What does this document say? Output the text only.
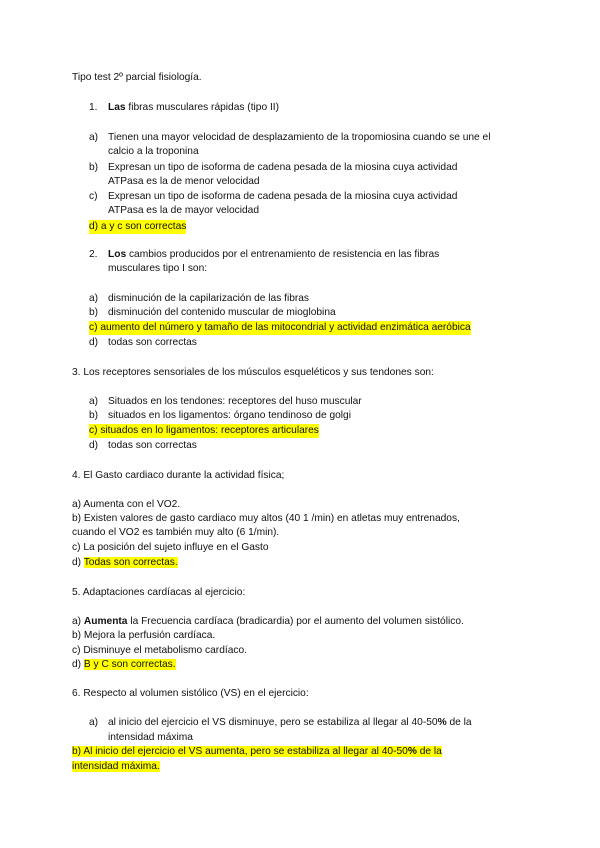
Tipo test 2º parcial fisiología.
1. Las fibras musculares rápidas (tipo II)
a) Tienen una mayor velocidad de desplazamiento de la tropomiosina cuando se une el
calcio a la troponina
b) Expresan un tipo de isoforma de cadena pesada de la miosina cuya actividad
ATPasa es la de menor velocidad
c) Expresan un tipo de isoforma de cadena pesada de la miosina cuya actividad
ATPasa es la de mayor velocidad
d) a y c son correctas
2. Los cambios producidos por el entrenamiento de resistencia en las fibras
musculares tipo I son:
a) disminución de la capilarización de las fibras
b) disminución del contenido muscular de mioglobina
c) aumento del número y tamaño de las mitocondrial y actividad enzimática aeróbica
d) todas son correctas
3. Los receptores sensoriales de los músculos esqueléticos y sus tendones son:
a) Situados en los tendones: receptores del huso muscular
b) situados en los ligamentos: órgano tendinoso de golgi
c) situados en lo ligamentos: receptores articulares
d) todas son correctas
4. El Gasto cardiaco durante la actividad física;
a) Aumenta con el VO2.
b) Existen valores de gasto cardiaco muy altos (40 1 /min) en atletas muy entrenados,
cuando el VO2 es también muy alto (6 1/min).
c) La posición del sujeto influye en el Gasto
d) Todas son correctas.
5. Adaptaciones cardíacas al ejercicio:
a) Aumenta la Frecuencia cardíaca (bradicardia) por el aumento del volumen sistólico.
b) Mejora la perfusión cardíaca.
c) Disminuye el metabolismo cardíaco.
d) B y C son correctas.
6. Respecto al volumen sistólico (VS) en el ejercicio:
a) al inicio del ejercicio el VS disminuye, pero se estabiliza al llegar al 40-50% de la
intensidad máxima
b) Al inicio del ejercicio el VS aumenta, pero se estabiliza al llegar al 40-50% de la
intensidad máxima.
